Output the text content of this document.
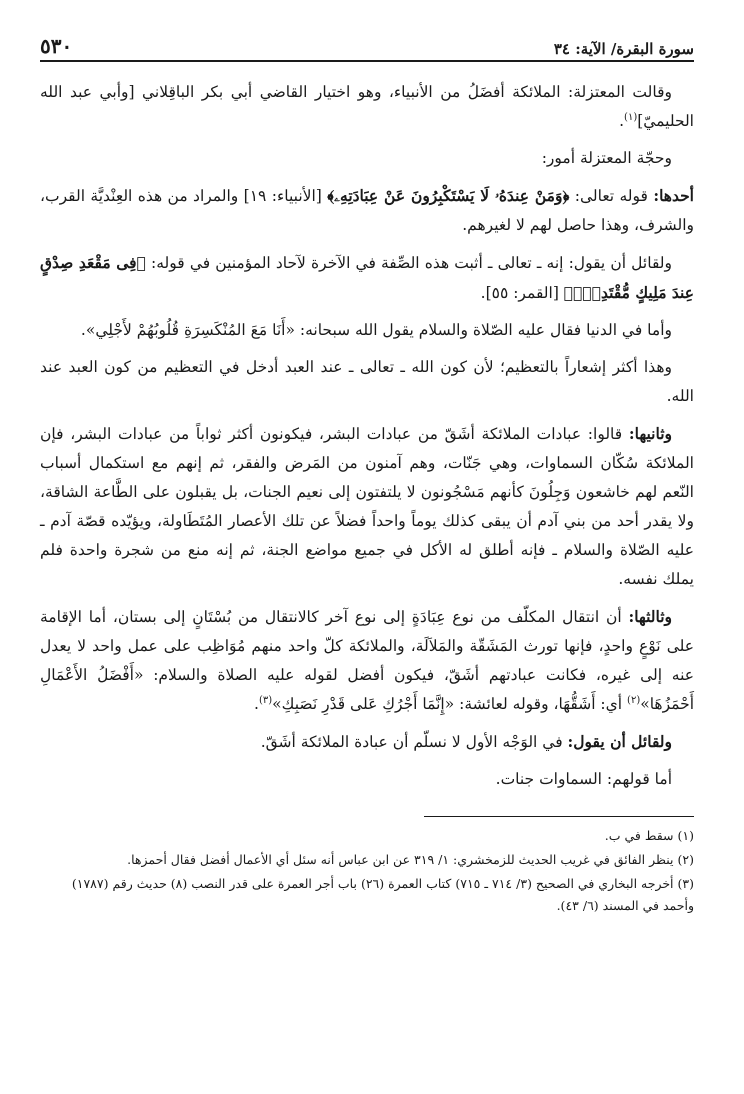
سورة البقرة/ الآية: ٣٤
٥٣٠

وقالت المعتزلة: الملائكة أفضَلُ من الأنبياء، وهو اختيار القاضي أبي بكر الباقِلاني [وأبي عبد الله الحليميّ]$^{(١)}$.

وحجّة المعتزلة أمور:

أحدها: قوله تعالى: ﴿وَمَنْ عِندَهُۥ لَا يَسْتَكْبِرُونَ عَنْ عِبَادَتِهِۦ﴾ [الأنبياء: ١٩] والمراد من هذه العِنْديَّة القرب، والشرف، وهذا حاصل لهم لا لغيرهم.

ولقائل أن يقول: إنه ـ تعالى ـ أثبت هذه الصِّفة في الآخرة لآحاد المؤمنين في قوله: ﴿فِى مَقْعَدِ صِدْقٍ عِندَ مَلِيكٍ مُّقْتَدِرٍۭ﴾ [القمر: ٥٥].

وأما في الدنيا فقال عليه الصّلاة والسلام يقول الله سبحانه: «أَنَا مَعَ المُنْكَسِرَةِ قُلُوبُهُمْ لأَجْلِي».

وهذا أكثر إشعاراً بالتعظيم؛ لأن كون الله ـ تعالى ـ عند العبد أدخل في التعظيم من كون العبد عند الله.

وثانيها: قالوا: عبادات الملائكة أشَقّ من عبادات البشر، فيكونون أكثر ثواباً من عبادات البشر، فإن الملائكة سُكّان السماوات، وهي جَنّات، وهم آمنون من المَرض والفقر، ثم إنهم مع استكمال أسباب النّعم لهم خاشعون وَجِلُونَ كأنهم مَسْجُونون لا يلتفتون إلى نعيم الجنات، بل يقبلون على الطَّاعة الشاقة، ولا يقدر أحد من بني آدم أن يبقى كذلك يوماً واحداً فضلاً عن تلك الأعصار المُتَطَاولة، ويؤيّده قصّة آدم ـ عليه الصّلاة والسلام ـ فإنه أطلق له الأكل في جميع مواضع الجنة، ثم إنه منع من شجرة واحدة فلم يملك نفسه.

وثالثها: أن انتقال المكلّف من نوع عِبَادَةٍ إلى نوع آخر كالانتقال من بُسْتَانٍ إلى بستان، أما الإقامة على نَوْعٍ واحدٍ، فإنها تورث المَشَقّة والمَلاَلَة، والملائكة كلّ واحد منهم مُوَاظِب على عمل واحد لا يعدل عنه إلى غيره، فكانت عبادتهم أشَقّ، فيكون أفضل لقوله عليه الصلاة والسلام: «أَفْضَلُ الأَعْمَالِ أَحْمَزُهَا»$^{(٢)}$ أي: أَشَقُّهَا، وقوله لعائشة: «إِنَّمَا أَجْرُكِ عَلى قَدْرِ نَصَبِكِ»$^{(٣)}$.

ولقائل أن يقول: في الوَجْه الأول لا نسلّم أن عبادة الملائكة أشَقّ.

أما قولهم: السماوات جنات.

(١) سقط في ب.

(٢) ينظر الفائق في غريب الحديث للزمخشري: ١/ ٣١٩ عن ابن عباس أنه سئل أي الأعمال أفضل فقال أحمزها.

(٣) أخرجه البخاري في الصحيح (٣/ ٧١٤ ـ ٧١٥) كتاب العمرة (٢٦) باب أجر العمرة على قدر النصب (٨) حديث رقم (١٧٨٧) وأحمد في المسند (٦/ ٤٣).
